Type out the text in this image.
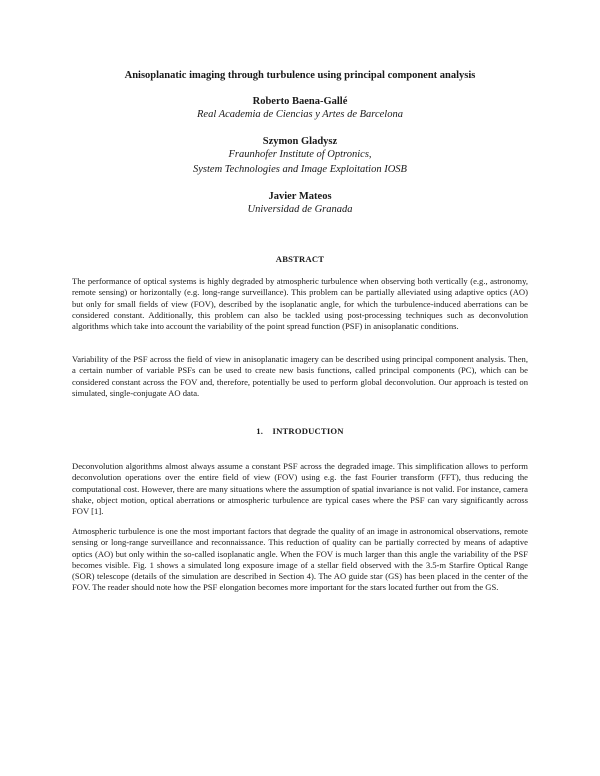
Anisoplanatic imaging through turbulence using principal component analysis
Roberto Baena-Gallé
Real Academia de Ciencias y Artes de Barcelona
Szymon Gladysz
Fraunhofer Institute of Optronics,
System Technologies and Image Exploitation IOSB
Javier Mateos
Universidad de Granada
ABSTRACT
The performance of optical systems is highly degraded by atmospheric turbulence when observing both vertically (e.g., astronomy, remote sensing) or horizontally (e.g. long-range surveillance). This problem can be partially alleviated using adaptive optics (AO) but only for small fields of view (FOV), described by the isoplanatic angle, for which the turbulence-induced aberrations can be considered constant. Additionally, this problem can also be tackled using post-processing techniques such as deconvolution algorithms which take into account the variability of the point spread function (PSF) in anisoplanatic conditions.
Variability of the PSF across the field of view in anisoplanatic imagery can be described using principal component analysis. Then, a certain number of variable PSFs can be used to create new basis functions, called principal components (PC), which can be considered constant across the FOV and, therefore, potentially be used to perform global deconvolution. Our approach is tested on simulated, single-conjugate AO data.
1.    INTRODUCTION
Deconvolution algorithms almost always assume a constant PSF across the degraded image. This simplification allows to perform deconvolution operations over the entire field of view (FOV) using e.g. the fast Fourier transform (FFT), thus reducing the computational cost. However, there are many situations where the assumption of spatial invariance is not valid. For instance, camera shake, object motion, optical aberrations or atmospheric turbulence are typical cases where the PSF can vary significantly across FOV [1].
Atmospheric turbulence is one the most important factors that degrade the quality of an image in astronomical observations, remote sensing or long-range surveillance and reconnaissance. This reduction of quality can be partially corrected by means of adaptive optics (AO) but only within the so-called isoplanatic angle. When the FOV is much larger than this angle the variability of the PSF becomes visible. Fig. 1 shows a simulated long exposure image of a stellar field observed with the 3.5-m Starfire Optical Range (SOR) telescope (details of the simulation are described in Section 4). The AO guide star (GS) has been placed in the center of the FOV. The reader should note how the PSF elongation becomes more important for the stars located further out from the GS.
